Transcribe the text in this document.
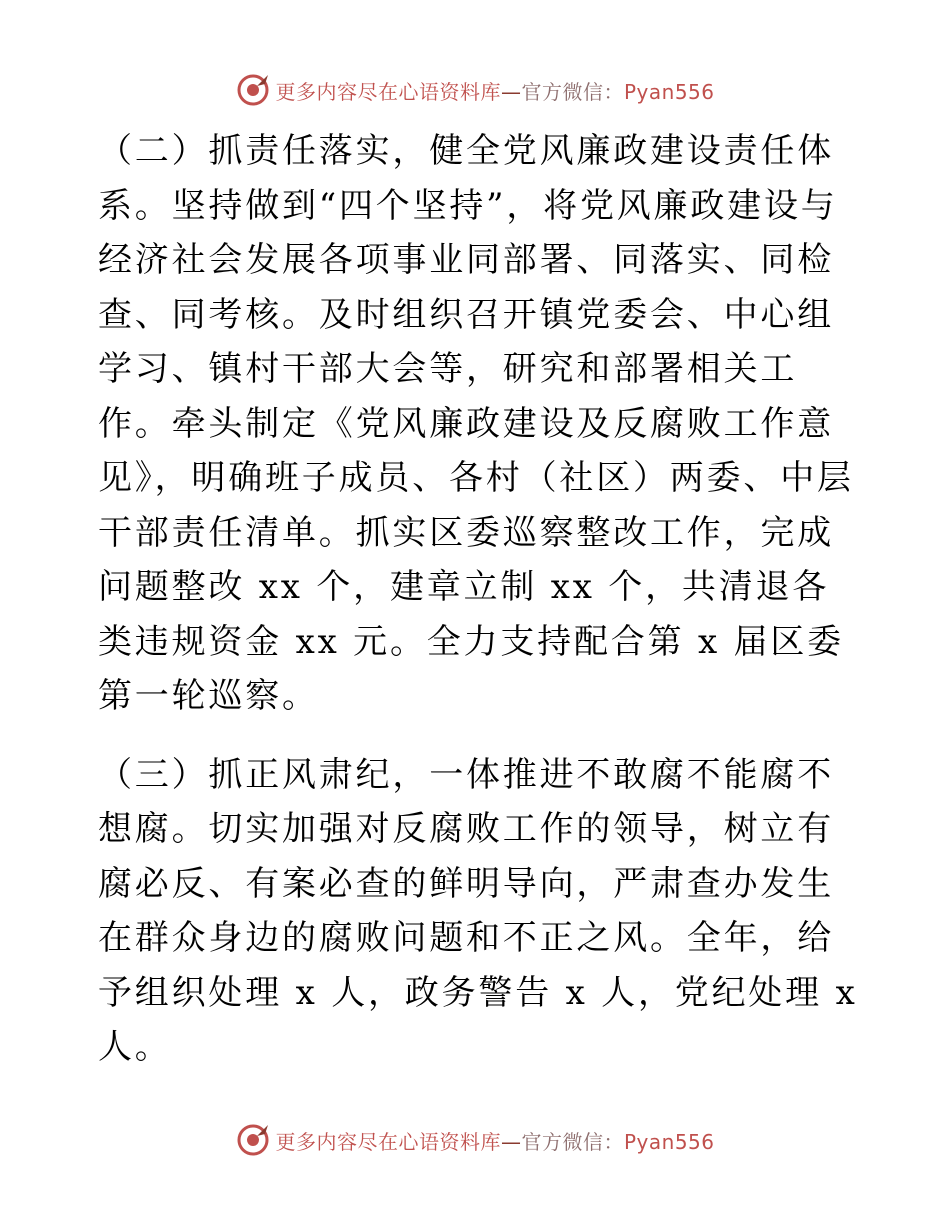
更多内容尽在心语资料库—官方微信：Pyan556

（二）抓责任落实，健全党风廉政建设责任体系。坚持做到“四个坚持”，将党风廉政建设与经济社会发展各项事业同部署、同落实、同检查、同考核。及时组织召开镇党委会、中心组学习、镇村干部大会等，研究和部署相关工作。牵头制定《党风廉政建设及反腐败工作意见》，明确班子成员、各村（社区）两委、中层干部责任清单。抓实区委巡察整改工作，完成问题整改 xx 个，建章立制 xx 个，共清退各类违规资金 xx 元。全力支持配合第 x 届区委第一轮巡察。

（三）抓正风肃纪，一体推进不敢腐不能腐不想腐。切实加强对反腐败工作的领导，树立有腐必反、有案必查的鲜明导向，严肃查办发生在群众身边的腐败问题和不正之风。全年，给予组织处理 x 人，政务警告 x 人，党纪处理 x 人。

更多内容尽在心语资料库—官方微信：Pyan556
